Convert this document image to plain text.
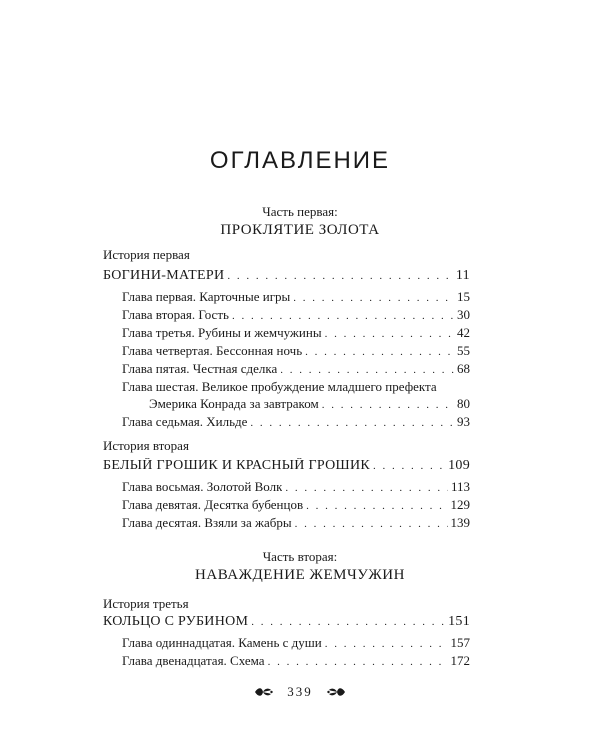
ОГЛАВЛЕНИЕ
Часть первая:
ПРОКЛЯТИЕ ЗОЛОТА
История первая
БОГИНИ-МАТЕРИ . . .	11
Глава первая. Карточные игры . . .	15
Глава вторая. Гость . . .	30
Глава третья. Рубины и жемчужины . . .	42
Глава четвертая. Бессонная ночь . . .	55
Глава пятая. Честная сделка . . .	68
Глава шестая. Великое пробуждение младшего префекта
Эмерика Конрада за завтраком . . .	80
Глава седьмая. Хильде . . .	93
История вторая
БЕЛЫЙ ГРОШИК И КРАСНЫЙ ГРОШИК . . .	109
Глава восьмая. Золотой Волк . . .	113
Глава девятая. Десятка бубенцов . . .	129
Глава десятая. Взяли за жабры . . .	139
Часть вторая:
НАВАЖДЕНИЕ ЖЕМЧУЖИН
История третья
КОЛЬЦО С РУБИНОМ . . .	151
Глава одиннадцатая. Камень с души . . .	157
Глава двенадцатая. Схема . . .	172
339
